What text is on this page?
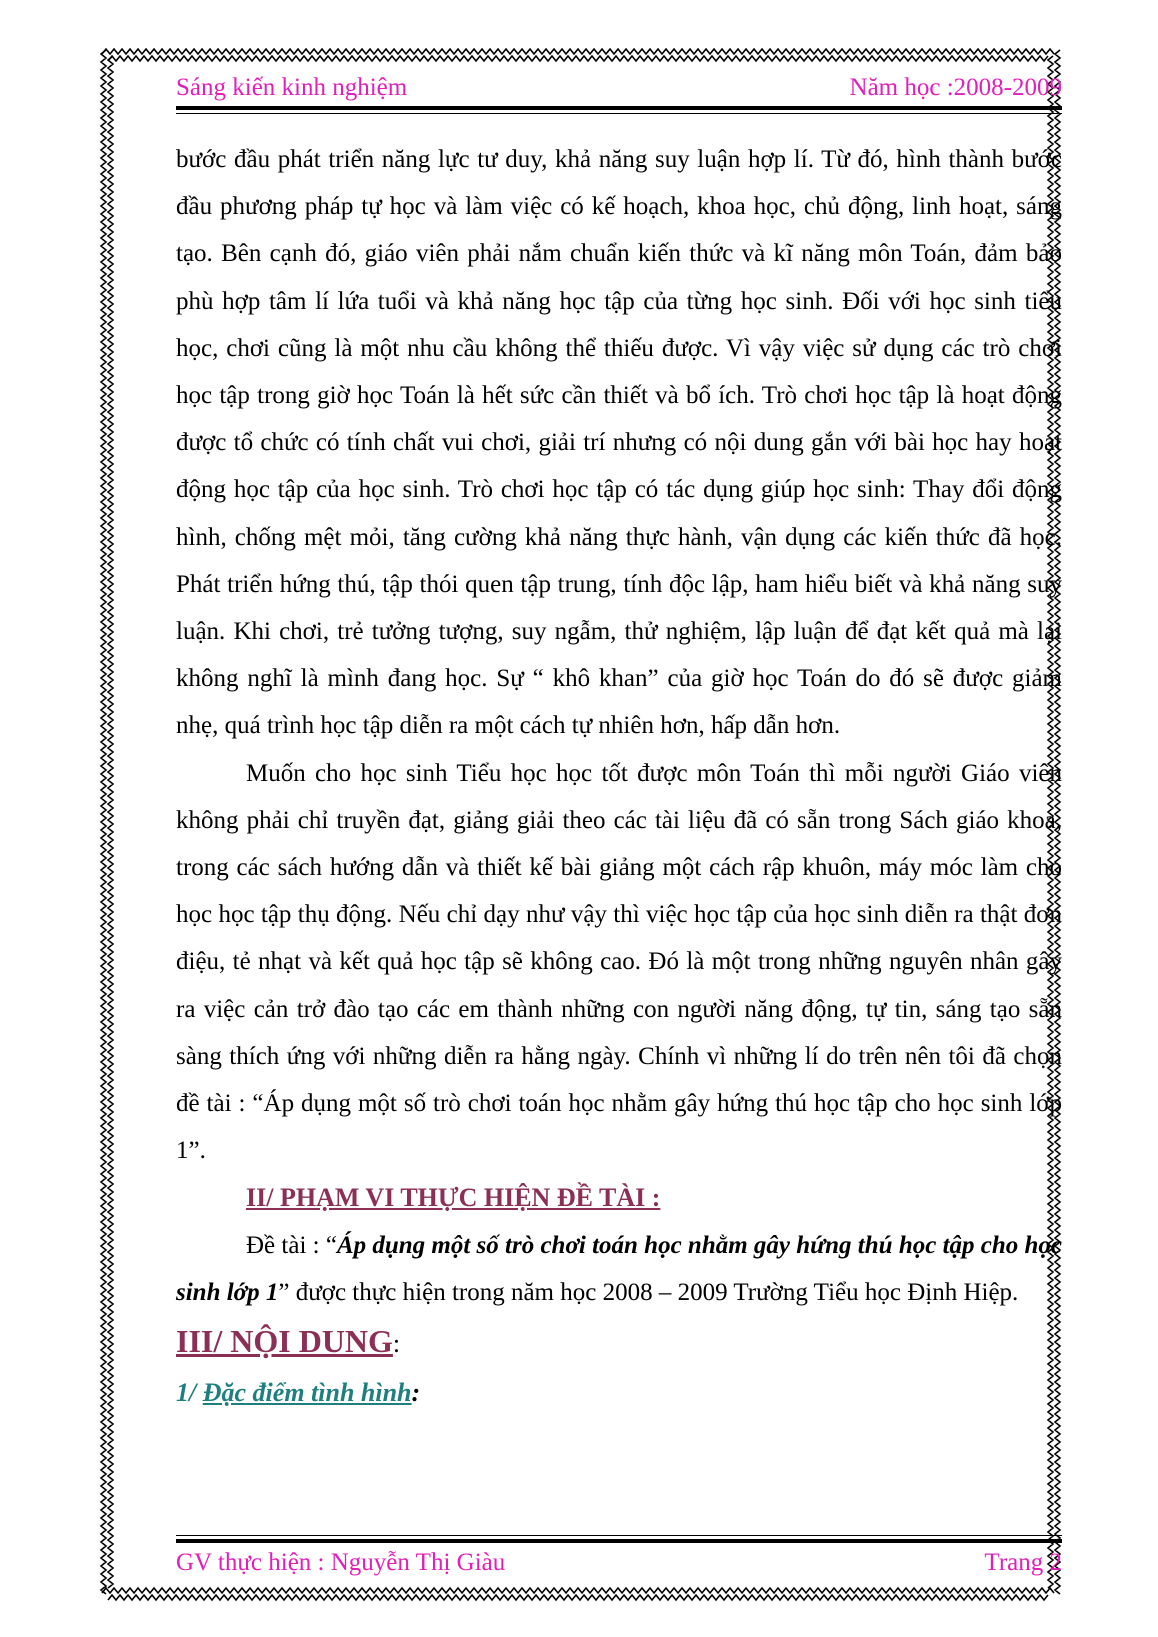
Sáng kiến kinh nghiệm	Năm học :2008-2009

bước đầu phát triển năng lực tư duy, khả năng suy luận hợp lí. Từ đó, hình thành bước đầu phương pháp tự học và làm việc có kế hoạch, khoa học, chủ động, linh hoạt, sáng tạo. Bên cạnh đó, giáo viên phải nắm chuẩn kiến thức và kĩ năng môn Toán, đảm bảo phù hợp tâm lí lứa tuổi và khả năng học tập của từng học sinh. Đối với học sinh tiểu học, chơi cũng là một nhu cầu không thể thiếu được. Vì vậy việc sử dụng các trò chơi học tập trong giờ học Toán là hết sức cần thiết và bổ ích. Trò chơi học tập là hoạt động được tổ chức có tính chất vui chơi, giải trí nhưng có nội dung gắn với bài học hay hoạt động học tập của học sinh. Trò chơi học tập có tác dụng giúp học sinh: Thay đổi động hình, chống mệt mỏi, tăng cường khả năng thực hành, vận dụng các kiến thức đã học. Phát triển hứng thú, tập thói quen tập trung, tính độc lập, ham hiểu biết và khả năng suy luận. Khi chơi, trẻ tưởng tượng, suy ngẫm, thử nghiệm, lập luận để đạt kết quả mà lại không nghĩ là mình đang học. Sự “ khô khan” của giờ học Toán do đó sẽ được giảm nhẹ, quá trình học tập diễn ra một cách tự nhiên hơn, hấp dẫn hơn.

Muốn cho học sinh Tiểu học học tốt được môn Toán thì mỗi người Giáo viên không phải chỉ truyền đạt, giảng giải theo các tài liệu đã có sẵn trong Sách giáo khoa, trong các sách hướng dẫn và thiết kế bài giảng một cách rập khuôn, máy móc làm cho học học tập thụ động. Nếu chỉ dạy như vậy thì việc học tập của học sinh diễn ra thật đơn điệu, tẻ nhạt và kết quả học tập sẽ không cao. Đó là một trong những nguyên nhân gây ra việc cản trở đào tạo các em thành những con người năng động, tự tin, sáng tạo sẵn sàng thích ứng với những diễn ra hằng ngày. Chính vì những lí do trên nên tôi đã chọn đề tài : “Áp dụng một số trò chơi toán học nhằm gây hứng thú học tập cho học sinh lớp 1”.

II/ PHẠM VI THỰC HIỆN ĐỀ TÀI :

Đề tài : “Áp dụng một số trò chơi toán học nhằm gây hứng thú học tập cho học sinh lớp 1” được thực hiện trong năm học 2008 – 2009 Trường Tiểu học Định Hiệp.

III/ NỘI DUNG:

1/ Đặc điểm tình hình:

GV thực hiện : Nguyễn Thị Giàu	Trang 2
